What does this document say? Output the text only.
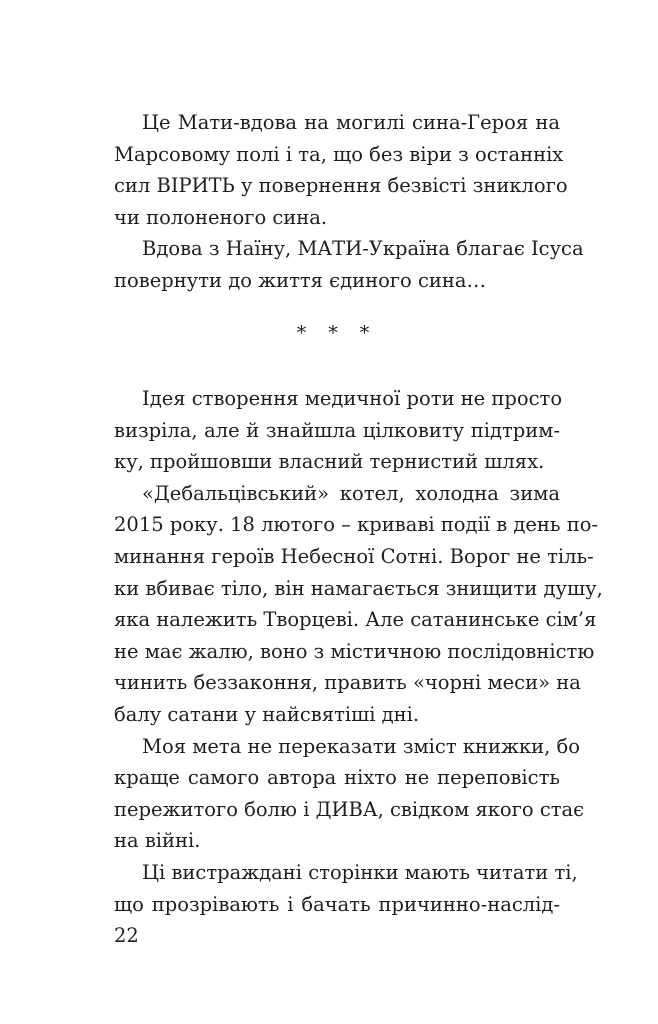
Це Мати-вдова на могилі сина-Героя на
Марсовому полі і та, що без віри з останніх
сил ВІРИТЬ у повернення безвісті зниклого
чи полоненого сина.
Вдова з Наїну, МАТИ-Україна благає Ісуса
повернути до життя єдиного сина…
* * *
Ідея створення медичної роти не просто
визріла, але й знайшла цілковиту підтрим-
ку, пройшовши власний тернистий шлях.
«Дебальцівський» котел, холодна зима
2015 року. 18 лютого – криваві події в день по-
минання героїв Небесної Сотні. Ворог не тіль-
ки вбиває тіло, він намагається знищити душу,
яка належить Творцеві. Але сатанинське сім’я
не має жалю, воно з містичною послідовністю
чинить беззаконня, править «чорні меси» на
балу сатани у найсвятіші дні.
Моя мета не переказати зміст книжки, бо
краще самого автора ніхто не переповість
пережитого болю і ДИВА, свідком якого стає
на війні.
Ці вистраждані сторінки мають читати ті,
що прозрівають і бачать причинно-наслід-
22
